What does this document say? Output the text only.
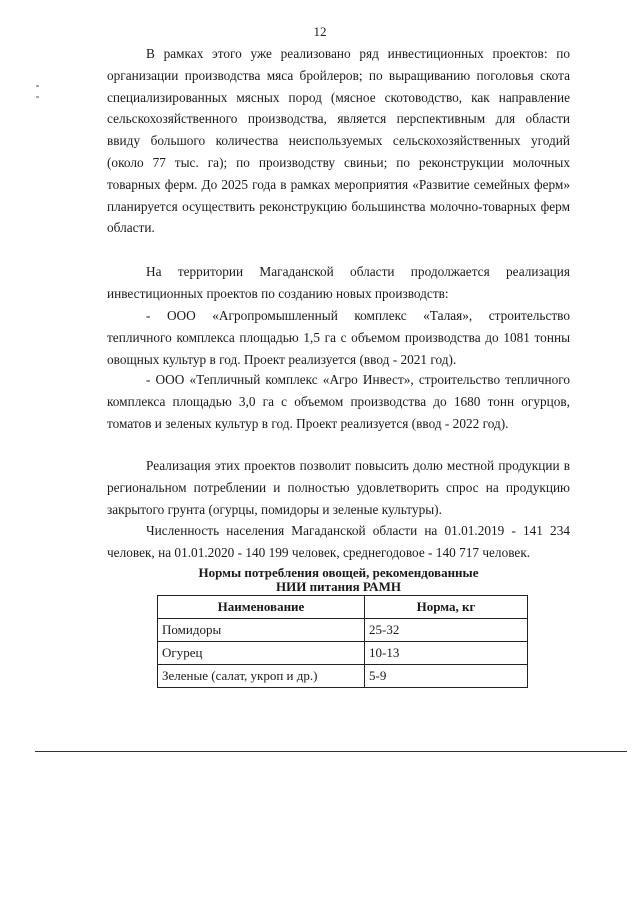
12

В рамках этого уже реализовано ряд инвестиционных проектов: по организации производства мяса бройлеров; по выращиванию поголовья скота специализированных мясных пород (мясное скотоводство, как направление сельскохозяйственного производства, является перспективным для области ввиду большого количества неиспользуемых сельскохозяйственных угодий (около 77 тыс. га); по производству свиньи; по реконструкции молочных товарных ферм. До 2025 года в рамках мероприятия «Развитие семейных ферм» планируется осуществить реконструкцию большинства молочно-товарных ферм области.

На территории Магаданской области продолжается реализация инвестиционных проектов по созданию новых производств:

- ООО «Агропромышленный комплекс «Талая», строительство тепличного комплекса площадью 1,5 га с объемом производства до 1081 тонны овощных культур в год. Проект реализуется (ввод - 2021 год).

- ООО «Тепличный комплекс «Агро Инвест», строительство тепличного комплекса площадью 3,0 га с объемом производства до 1680 тонн огурцов, томатов и зеленых культур в год. Проект реализуется (ввод - 2022 год).

Реализация этих проектов позволит повысить долю местной продукции в региональном потреблении и полностью удовлетворить спрос на продукцию закрытого грунта (огурцы, помидоры и зеленые культуры).

Численность населения Магаданской области на 01.01.2019 - 141 234 человек, на 01.01.2020 - 140 199 человек, среднегодовое - 140 717 человек.

Нормы потребления овощей, рекомендованные
НИИ питания РАМН
Наименование	Норма, кг
Помидоры	25-32
Огурец	10-13
Зеленые (салат, укроп и др.)	5-9
